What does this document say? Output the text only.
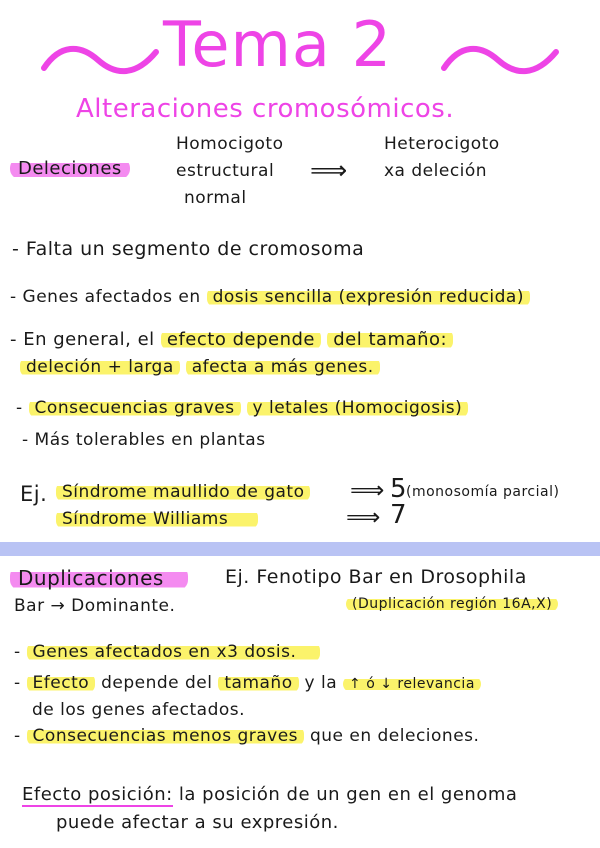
Tema 2
Alteraciones cromosómicos.
Deleciones
Homocigoto
estructural
normal
⟹
Heterocigoto
xa deleción
- Falta un segmento de cromosoma
- Genes afectados en dosis sencilla (expresión reducida)
- En general, el efecto depende del tamaño:
deleción + larga afecta a más genes.
- Consecuencias graves y letales (Homocigosis)
- Más tolerables en plantas
Ej. Síndrome maullido de gato ⟹ 5
(monosomía parcial)
Síndrome Williams	⟹ 7
Duplicaciones	Ej. Fenotipo Bar en Drosophila
Bar → Dominante.	(Duplicación región 16A,X)
- Genes afectados en x3 dosis.
- Efecto depende del tamaño y la ↑ ó ↓ relevancia
de los genes afectados.
- Consecuencias menos graves que en deleciones.
Efecto posición: la posición de un gen en el genoma
puede afectar a su expresión.
